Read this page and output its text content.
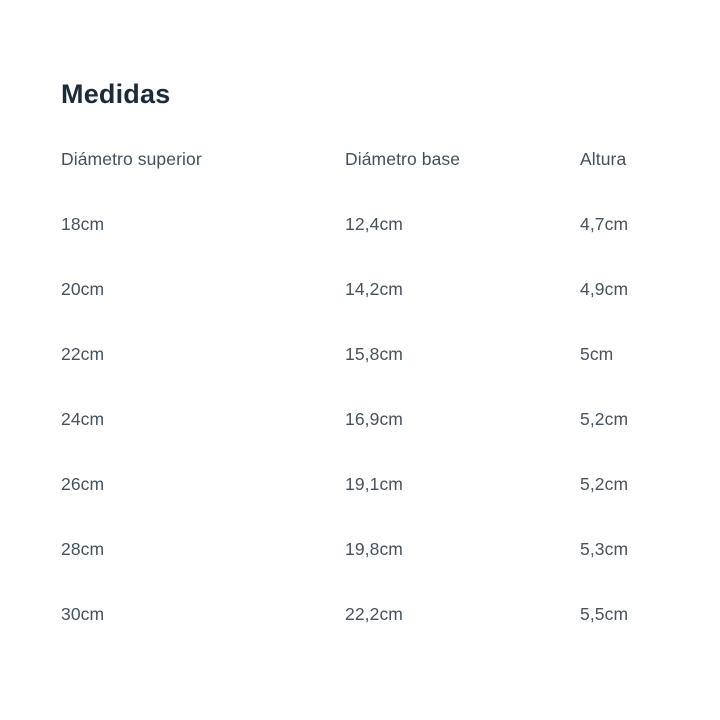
Medidas
Diámetro superior	Diámetro base	Altura
18cm	12,4cm	4,7cm
20cm	14,2cm	4,9cm
22cm	15,8cm	5cm
24cm	16,9cm	5,2cm
26cm	19,1cm	5,2cm
28cm	19,8cm	5,3cm
30cm	22,2cm	5,5cm
